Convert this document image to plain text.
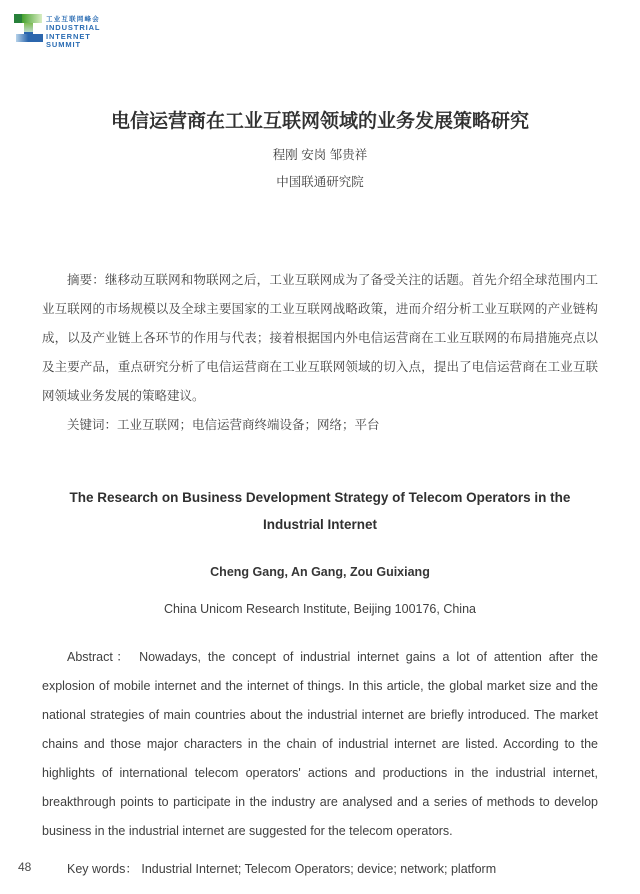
工业互联网峰会
INDUSTRIAL
INTERNET
SUMMIT
电信运营商在工业互联网领域的业务发展策略研究
程刚 安岗 邹贵祥
中国联通研究院

摘要：继移动互联网和物联网之后，工业互联网成为了备受关注的话题。首先介绍全球范围内工业互联网的市场规模以及全球主要国家的工业互联网战略政策，进而介绍分析工业互联网的产业链构成，以及产业链上各环节的作用与代表；接着根据国内外电信运营商在工业互联网的布局措施亮点以及主要产品，重点研究分析了电信运营商在工业互联网领域的切入点，提出了电信运营商在工业互联网领域业务发展的策略建议。

关键词：工业互联网；电信运营商终端设备；网络；平台

The Research on Business Development Strategy of Telecom Operators in the Industrial Internet
Cheng Gang, An Gang, Zou Guixiang
China Unicom Research Institute, Beijing 100176, China

Abstract： Nowadays, the concept of industrial internet gains a lot of attention after the explosion of mobile internet and the internet of things. In this article, the global market size and the national strategies of main countries about the industrial internet are briefly introduced. The market chains and those major characters in the chain of industrial internet are listed. According to the highlights of international telecom operators' actions and productions in the industrial internet, breakthrough points to participate in the industry are analysed and a series of methods to develop business in the industrial internet are suggested for the telecom operators.

Key words： Industrial Internet; Telecom Operators; device; network; platform

48
